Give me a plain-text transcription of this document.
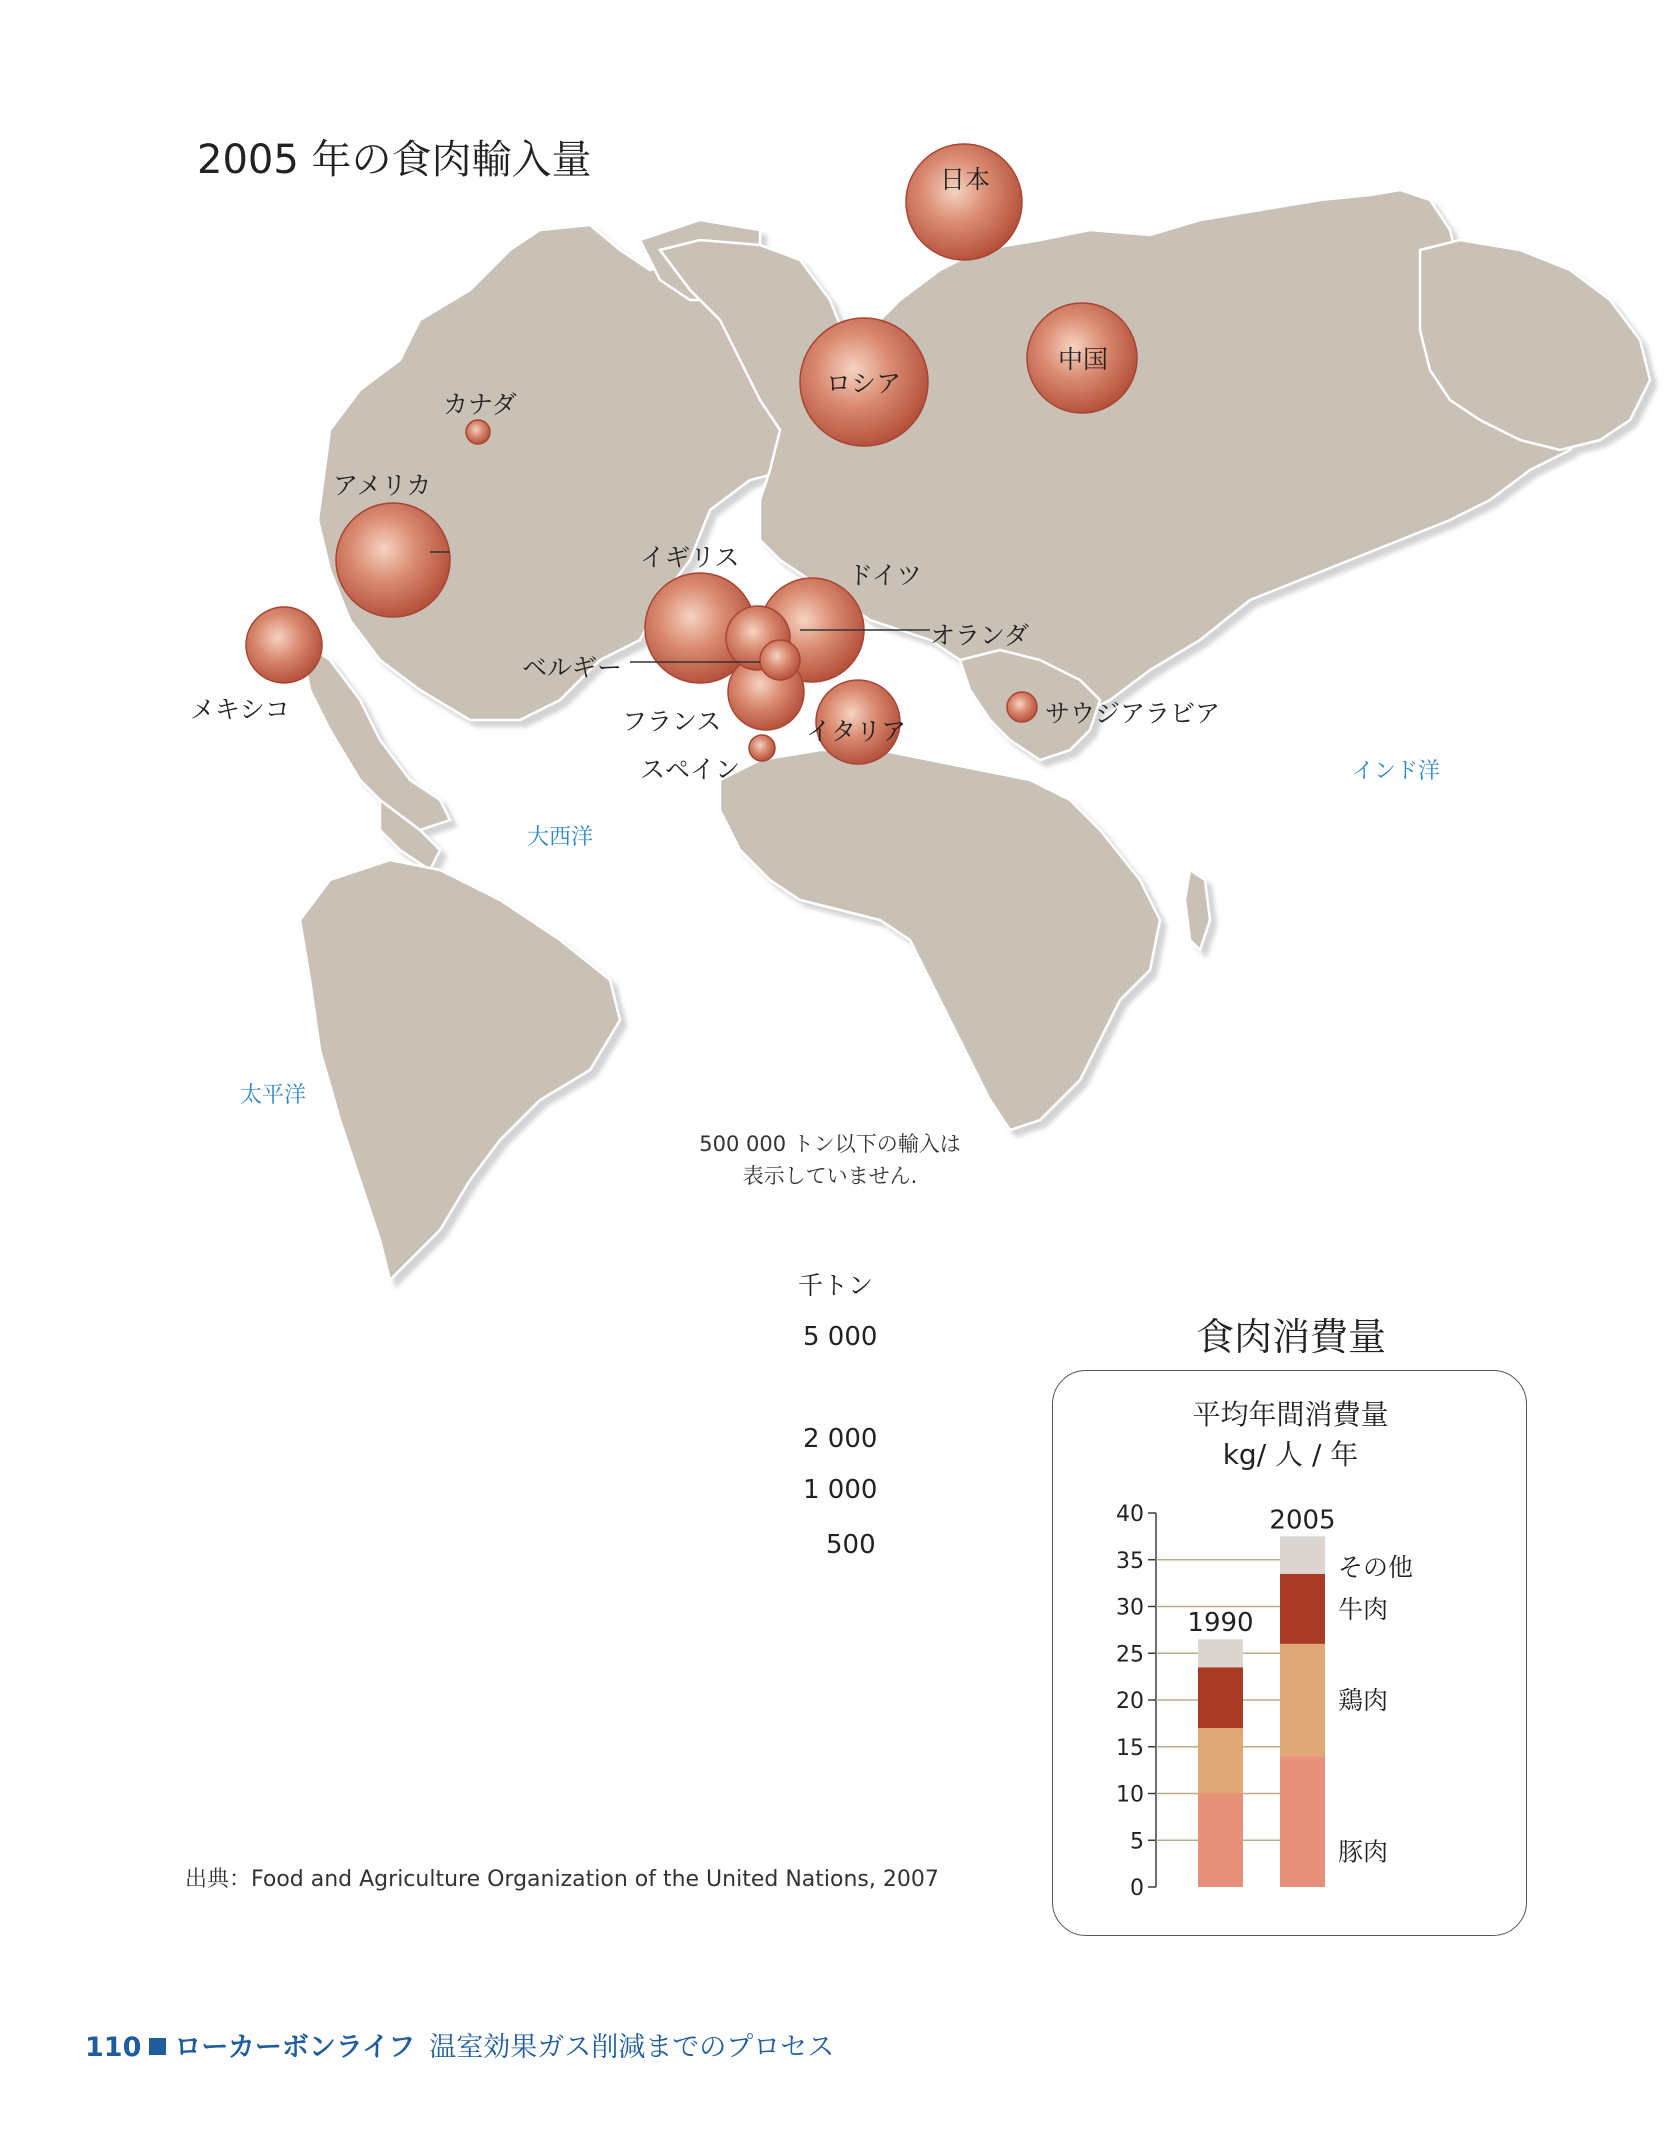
2005 年の食肉輸入量	日本
ロシア
中国
カナダ
アメリカ
イギリス
ドイツ
オランダ
ベルギー
メキシコ	フランス	イタリア
スペイン
サウジアラビア
大西洋
インド洋
太平洋
500 000 トン以下の輸入は
表示していません.
千トン
5 000
2 000
1 000
500
食肉消費量
平均年間消費量
kg/ 人 / 年
40
35
30
25
20
15
10
5
0
1990
2005
豚肉
鶏肉
牛肉
その他
出典：Food and Agriculture Organization of the United Nations, 2007
110 ローカーボンライフ 温室効果ガス削減までのプロセス
